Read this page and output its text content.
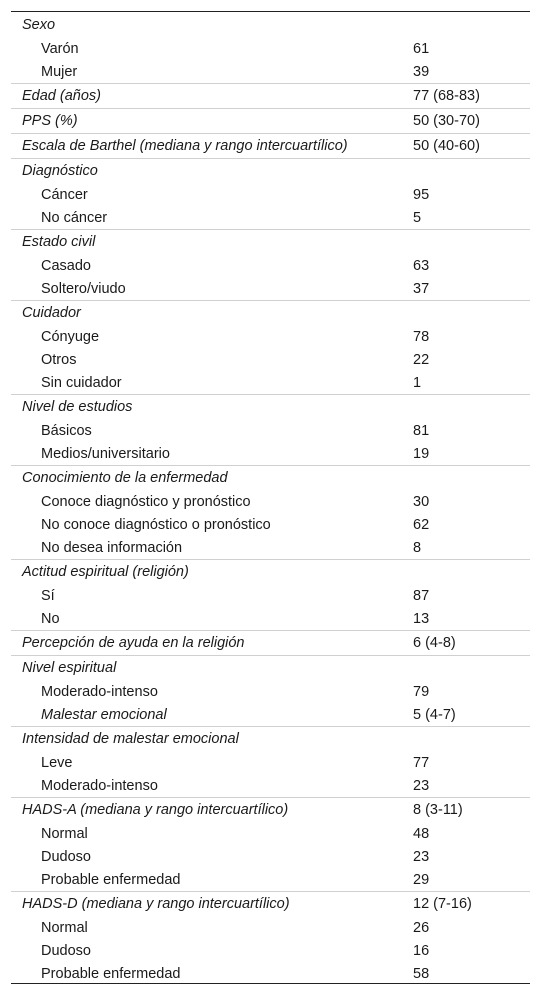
Sexo
Varón	61
Mujer	39
Edad (años)	77 (68-83)
PPS (%)	50 (30-70)
Escala de Barthel (mediana y rango intercuartílico)	50 (40-60)
Diagnóstico
Cáncer	95
No cáncer	5
Estado civil
Casado	63
Soltero/viudo	37
Cuidador
Cónyuge	78
Otros	22
Sin cuidador	1
Nivel de estudios
Básicos	81
Medios/universitario	19
Conocimiento de la enfermedad
Conoce diagnóstico y pronóstico	30
No conoce diagnóstico o pronóstico	62
No desea información	8
Actitud espiritual (religión)
Sí	87
No	13
Percepción de ayuda en la religión	6 (4-8)
Nivel espiritual
Moderado-intenso	79
Malestar emocional	5 (4-7)
Intensidad de malestar emocional
Leve	77
Moderado-intenso	23
HADS-A (mediana y rango intercuartílico)	8 (3-11)
Normal	48
Dudoso	23
Probable enfermedad	29
HADS-D (mediana y rango intercuartílico)	12 (7-16)
Normal	26
Dudoso	16
Probable enfermedad	58
